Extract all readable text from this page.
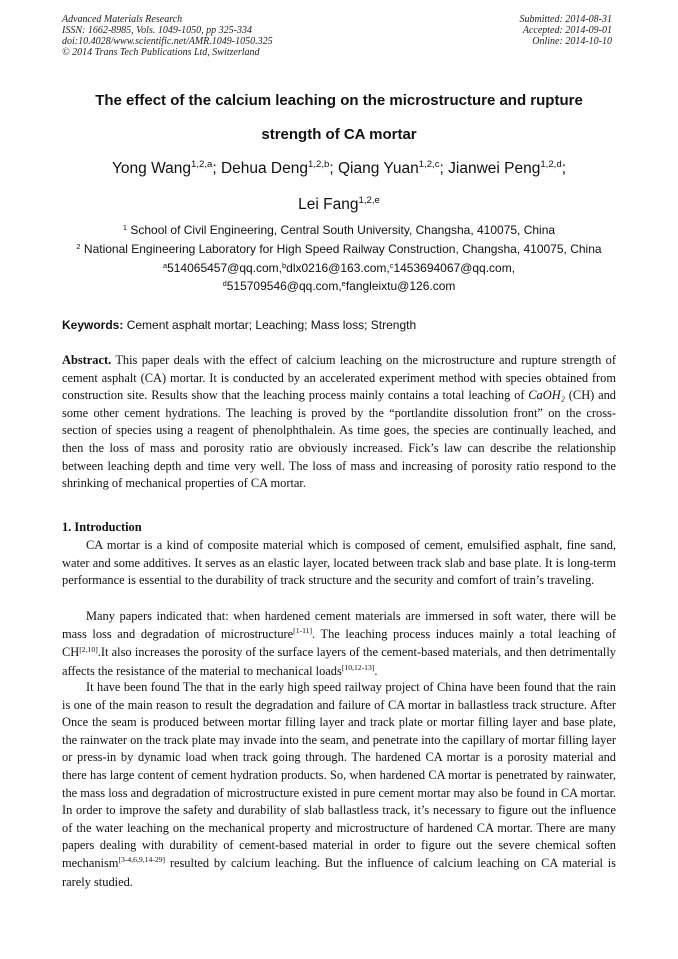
Advanced Materials Research
ISSN: 1662-8985, Vols. 1049-1050, pp 325-334
doi:10.4028/www.scientific.net/AMR.1049-1050.325
© 2014 Trans Tech Publications Ltd, Switzerland
Submitted: 2014-08-31
Accepted: 2014-09-01
Online: 2014-10-10
The effect of the calcium leaching on the microstructure and rupture
strength of CA mortar
Yong Wang$^{1,2,a}$; Dehua Deng$^{1,2,b}$; Qiang Yuan$^{1,2,c}$; Jianwei Peng$^{1,2,d}$;
Lei Fang$^{1,2,e}$
$^1$ School of Civil Engineering, Central South University, Changsha, 410075, China
$^2$ National Engineering Laboratory for High Speed Railway Construction, Changsha, 410075, China
$^a$514065457@qq.com,$^b$dlx0216@163.com,$^c$1453694067@qq.com,
$^d$515709546@qq.com,$^e$fangleixtu@126.com
Keywords: Cement asphalt mortar; Leaching; Mass loss; Strength
Abstract. This paper deals with the effect of calcium leaching on the microstructure and rupture strength of cement asphalt (CA) mortar. It is conducted by an accelerated experiment method with species obtained from construction site. Results show that the leaching process mainly contains a total leaching of CaOH₂ (CH) and some other cement hydrations. The leaching is proved by the “portlandite dissolution front” on the cross-section of species using a reagent of phenolphthalein. As time goes, the species are continually leached, and then the loss of mass and porosity ratio are obviously increased. Fick’s law can describe the relationship between leaching depth and time very well. The loss of mass and increasing of porosity ratio respond to the shrinking of mechanical properties of CA mortar.
1. Introduction
CA mortar is a kind of composite material which is composed of cement, emulsified asphalt, fine sand, water and some additives. It serves as an elastic layer, located between track slab and base plate. It is long-term performance is essential to the durability of track structure and the security and comfort of train’s traveling.
Many papers indicated that: when hardened cement materials are immersed in soft water, there will be mass loss and degradation of microstructure[1-11]. The leaching process induces mainly a total leaching of CH[2,10].It also increases the porosity of the surface layers of the cement-based materials, and then detrimentally affects the resistance of the material to mechanical loads[10,12-13].
It have been found The that in the early high speed railway project of China have been found that the rain is one of the main reason to result the degradation and failure of CA mortar in ballastless track structure. After Once the seam is produced between mortar filling layer and track plate or mortar filling layer and base plate, the rainwater on the track plate may invade into the seam, and penetrate into the capillary of mortar filling layer or press-in by dynamic load when track going through. The hardened CA mortar is a porosity material and there has large content of cement hydration products. So, when hardened CA mortar is penetrated by rainwater, the mass loss and degradation of microstructure existed in pure cement mortar may also be found in CA mortar. In order to improve the safety and durability of slab ballastless track, it’s necessary to figure out the influence of the water leaching on the mechanical property and microstructure of hardened CA mortar. There are many papers dealing with durability of cement-based material in order to figure out the severe chemical soften mechanism[3-4,6,9,14-29] resulted by calcium leaching. But the influence of calcium leaching on CA material is rarely studied.
